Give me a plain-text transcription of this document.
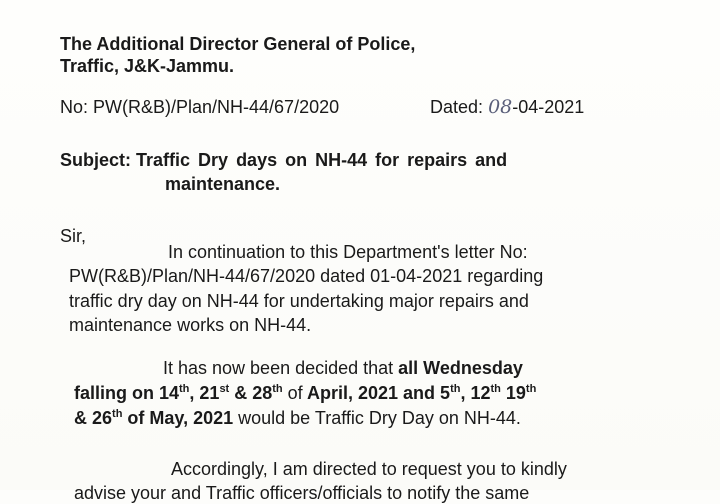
The Additional Director General of Police,
Traffic, J&K-Jammu.
No: PW(R&B)/Plan/NH-44/67/2020	Dated: 08-04-2021
Subject: Traffic Dry days on NH-44 for repairs and
maintenance.
Sir,
In continuation to this Department's letter No:
PW(R&B)/Plan/NH-44/67/2020 dated 01-04-2021 regarding
traffic dry day on NH-44 for undertaking major repairs and
maintenance works on NH-44.
It has now been decided that all Wednesday
falling on 14th, 21st & 28th of April, 2021 and 5th, 12th 19th
& 26th of May, 2021 would be Traffic Dry Day on NH-44.
Accordingly, I am directed to request you to kindly
advise your and Traffic officers/officials to notify the same
